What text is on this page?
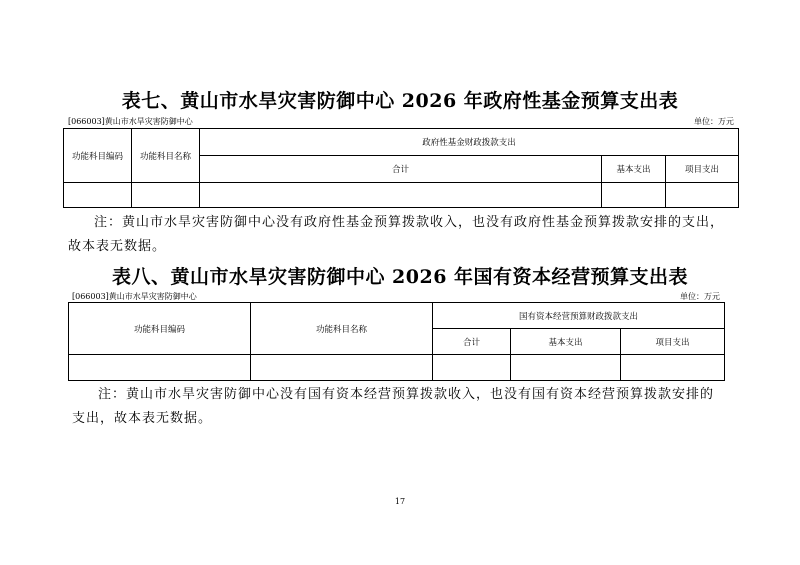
表七、黄山市水旱灾害防御中心 2026 年政府性基金预算支出表
[066003]黄山市水旱灾害防御中心	单位：万元
功能科目编码	功能科目名称	政府性基金财政拨款支出		
		合计	基本支出	项目支出

注：黄山市水旱灾害防御中心没有政府性基金预算拨款收入，也没有政府性基金预算拨款安排的支出，故本表无数据。
表八、黄山市水旱灾害防御中心 2026 年国有资本经营预算支出表
[066003]黄山市水旱灾害防御中心	单位：万元
功能科目编码	功能科目名称	国有资本经营预算财政拨款支出		
		合计	基本支出	项目支出

注：黄山市水旱灾害防御中心没有国有资本经营预算拨款收入，也没有国有资本经营预算拨款安排的支出，故本表无数据。
17
